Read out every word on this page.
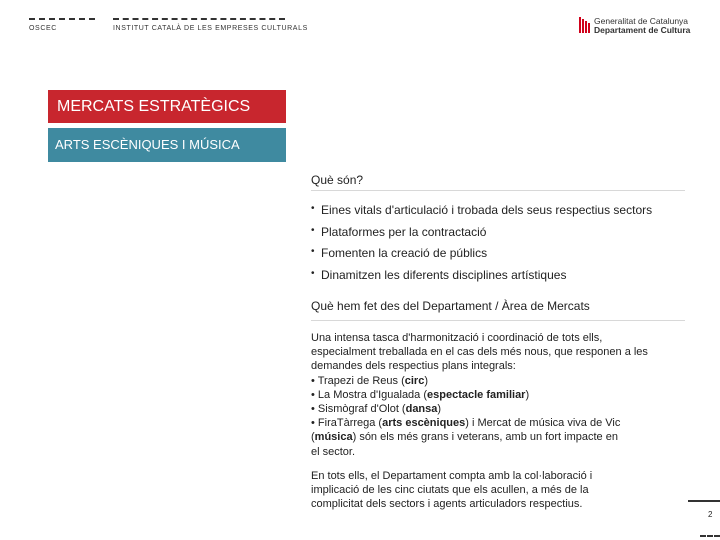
OSCEC	INSTITUT CATALÀ DE LES EMPRESES CULTURALS
Generalitat de Catalunya
Departament de Cultura
MERCATS ESTRATÈGICS
ARTS ESCÈNIQUES I MÚSICA
Què són?
• Eines vitals d'articulació i trobada dels seus respectius sectors
• Plataformes per la contractació
• Fomenten la creació de públics
• Dinamitzen les diferents disciplines artístiques
Què hem fet des del Departament / Àrea de Mercats
Una intensa tasca d'harmonització i coordinació de tots ells,
especialment treballada en el cas dels més nous, que responen a les
demandes dels respectius plans integrals:
• Trapezi de Reus (circ)
• La Mostra d'Igualada (espectacle familiar)
• Sismògraf d'Olot (dansa)
• FiraTàrrega (arts escèniques) i Mercat de música viva de Vic
(música) són els més grans i veterans, amb un fort impacte en
el sector.
En tots ells, el Departament compta amb la col·laboració i
implicació de les cinc ciutats que els acullen, a més de la
complicitat dels sectors i agents articuladors respectius.
2
